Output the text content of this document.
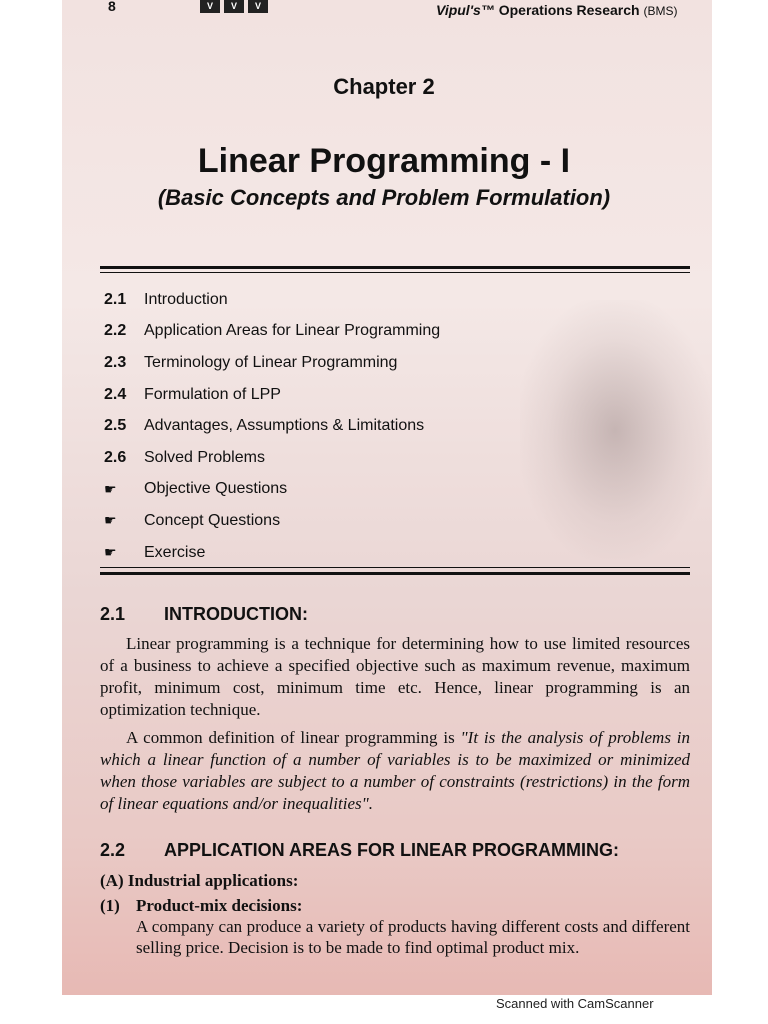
8	V	V	V	Vipul's™ Operations Research (BMS)
Chapter 2
Linear Programming - I
(Basic Concepts and Problem Formulation)
2.1	Introduction
2.2	Application Areas for Linear Programming
2.3	Terminology of Linear Programming
2.4	Formulation of LPP
2.5	Advantages, Assumptions & Limitations
2.6	Solved Problems
☛	Objective Questions
☛	Concept Questions
☛	Exercise
2.1 INTRODUCTION:
Linear programming is a technique for determining how to use limited resources of a business to achieve a specified objective such as maximum revenue, maximum profit, minimum cost, minimum time etc. Hence, linear programming is an optimization technique.
A common definition of linear programming is "It is the analysis of problems in which a linear function of a number of variables is to be maximized or minimized when those variables are subject to a number of constraints (restrictions) in the form of linear equations and/or inequalities".
2.2 APPLICATION AREAS FOR LINEAR PROGRAMMING:
(A) Industrial applications:
(1) Product-mix decisions:
A company can produce a variety of products having different costs and different selling price. Decision is to be made to find optimal product mix.
Scanned with CamScanner
